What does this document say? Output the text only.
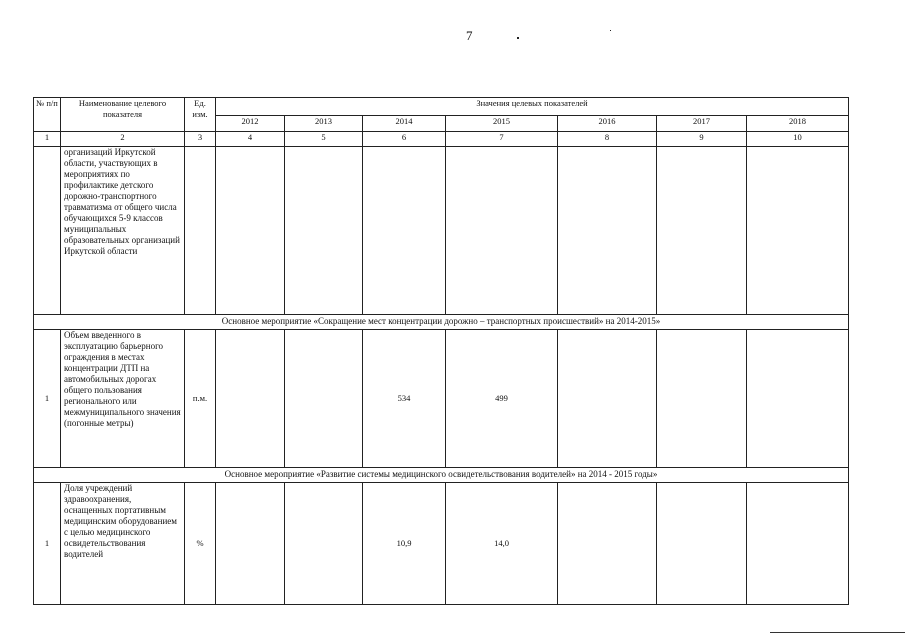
7
№ п/п	Наименование целевого показателя	Ед. изм.	Значения целевых показателей						
			2012	2013	2014	2015	2016	2017	2018
1	2	3	4	5	6	7	8	9	10
	организаций Иркутской области, участвующих в мероприятиях по профилактике детского дорожно-транспортного травматизма от общего числа обучающихся 5-9 классов муниципальных образовательных организаций Иркутской области								
Основное мероприятие «Сокращение мест концентрации дорожно – транспортных происшествий» на 2014-2015»									
1	Объем введенного в эксплуатацию барьерного ограждения в местах концентрации ДТП на автомобильных дорогах общего пользования регионального или межмуниципального значения (погонные метры)	п.м.			534	499			
Основное мероприятие «Развитие системы медицинского освидетельствования водителей» на 2014 - 2015 годы»									
1	Доля учреждений здравоохранения, оснащенных портативным медицинским оборудованием с целью медицинского освидетельствования водителей	%			10,9	14,0			
